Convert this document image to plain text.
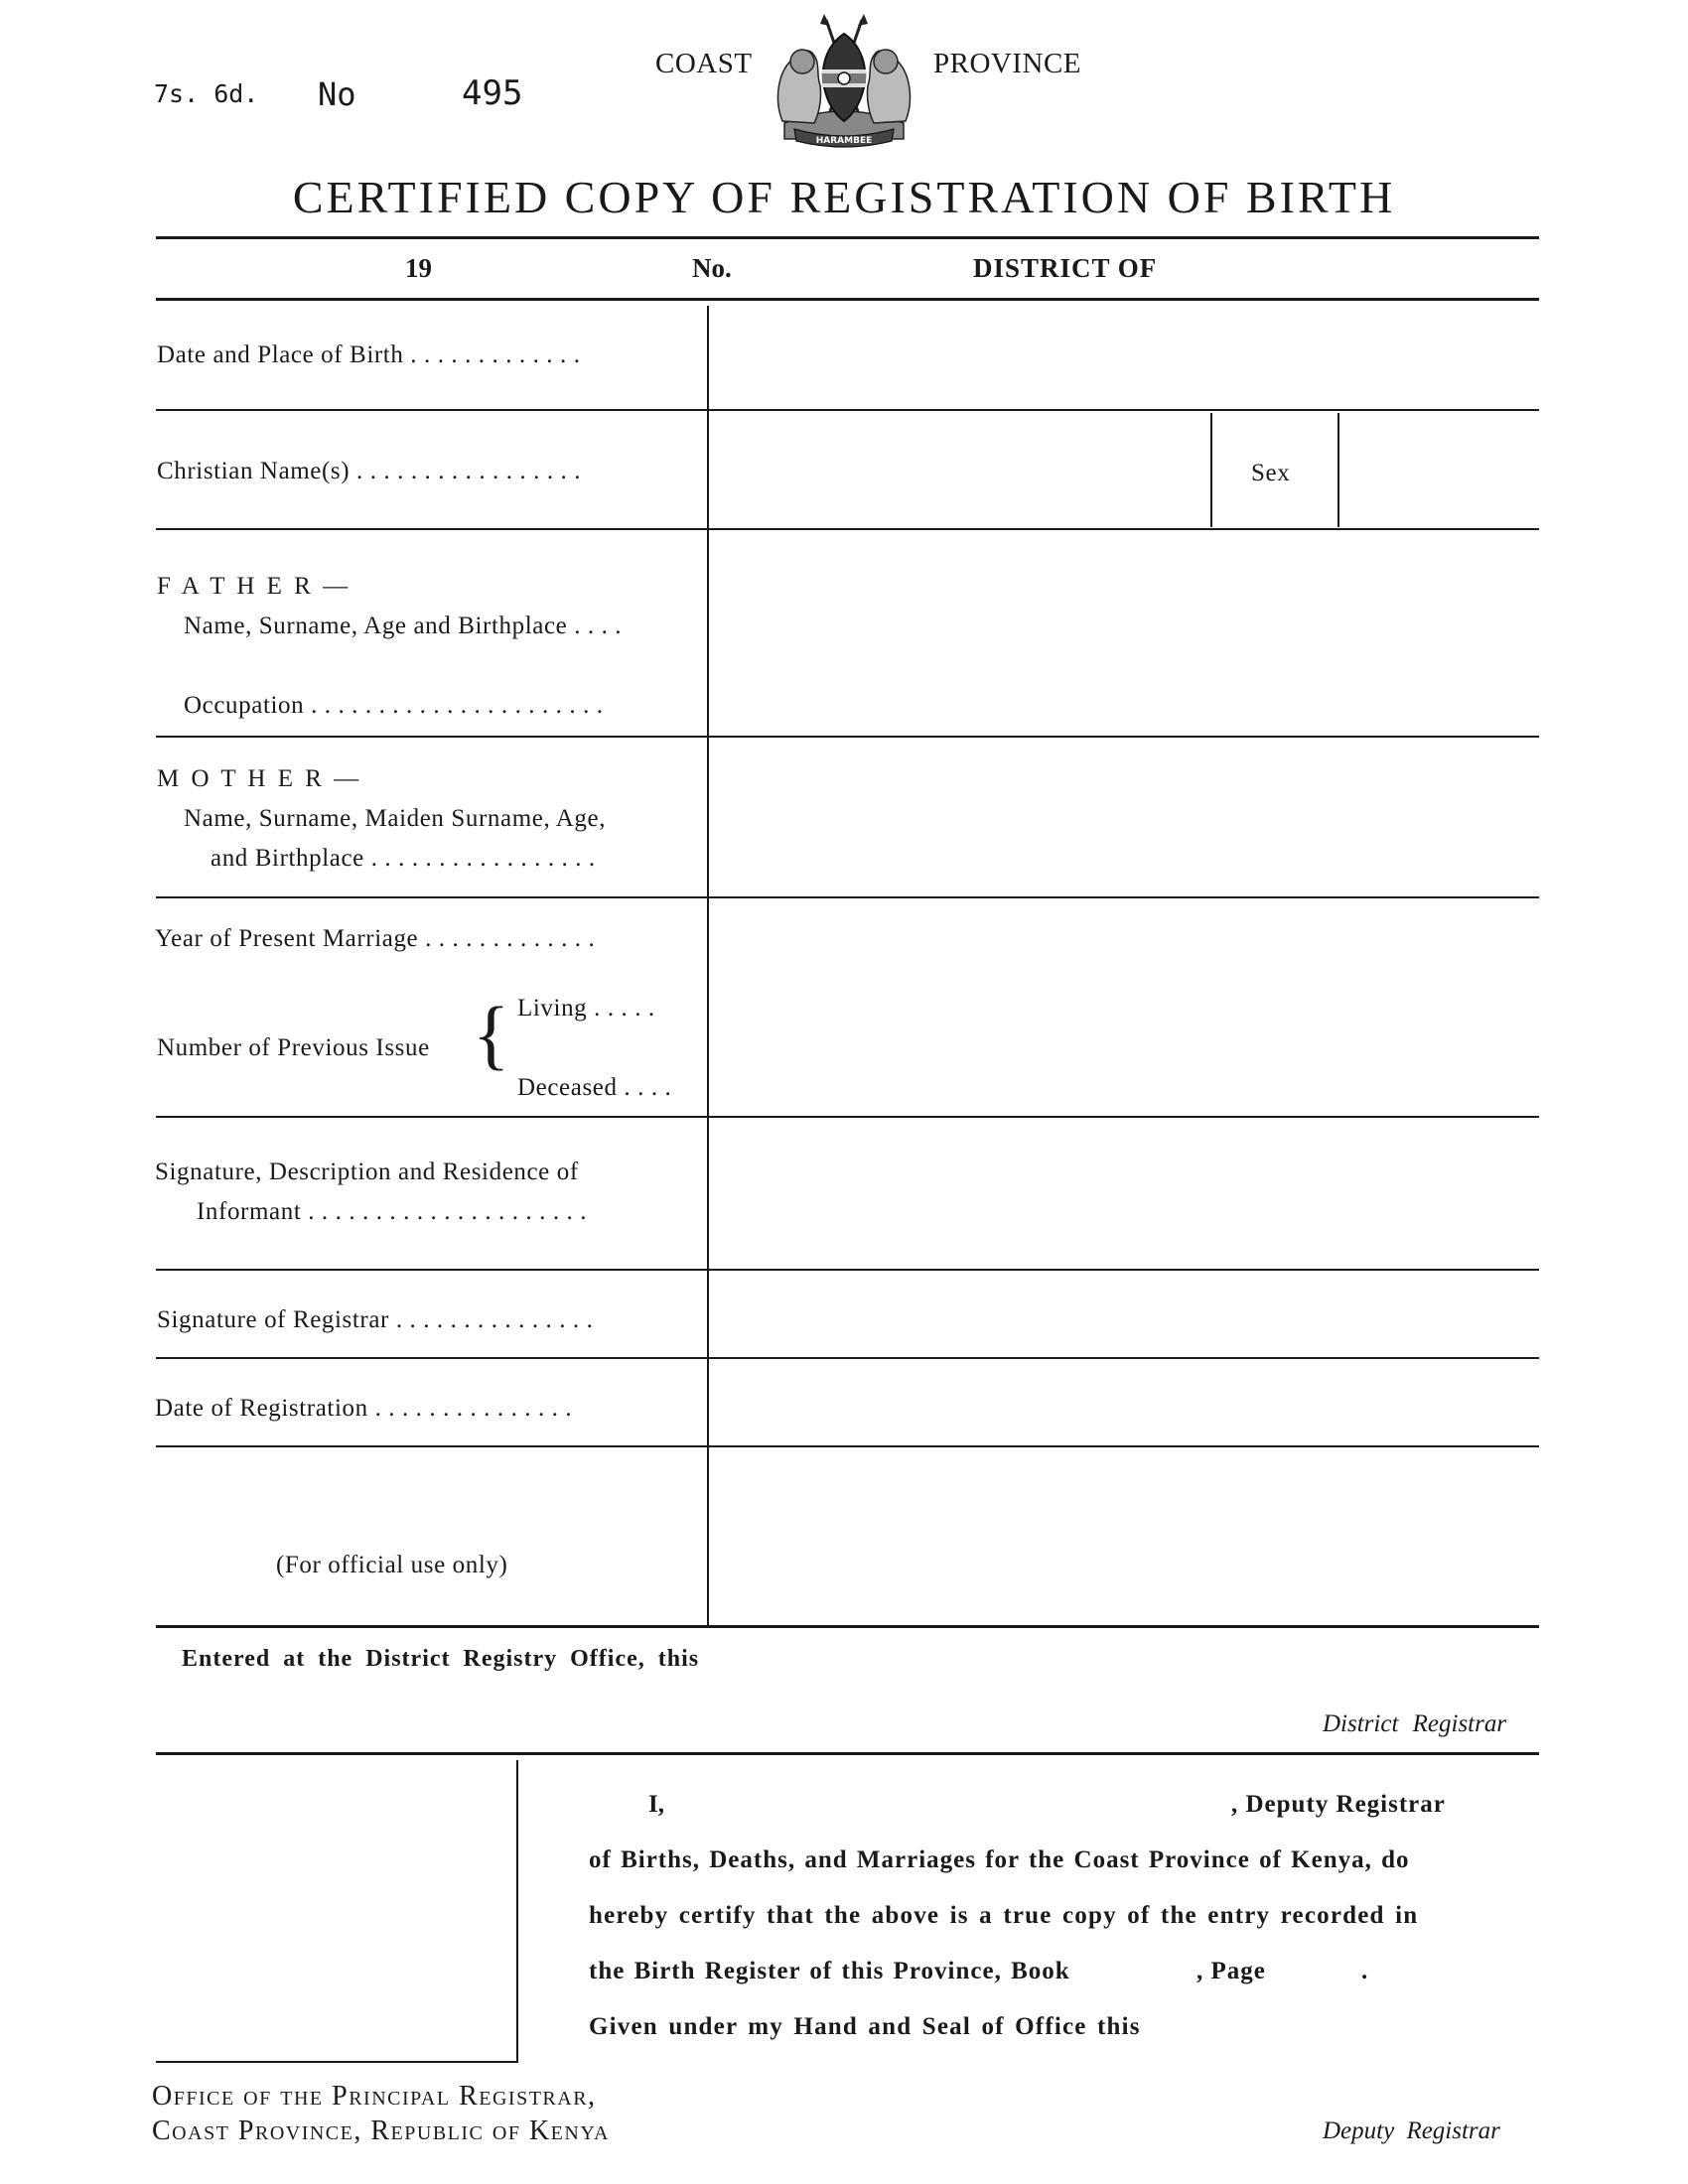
7s. 6d. No	495
COAST	PROVINCE
HARAMBEE
CERTIFIED COPY OF REGISTRATION OF BIRTH
19	No.	DISTRICT OF
Date and Place of Birth . . . . . . . . . . . . .
Christian Name(s) . . . . . . . . . . . . . . . . .	Sex
F A T H E R —
Name, Surname, Age and Birthplace . . . .
Occupation . . . . . . . . . . . . . . . . . . . . . .
M O T H E R —
Name, Surname, Maiden Surname, Age,
and Birthplace . . . . . . . . . . . . . . . . .
Year of Present Marriage . . . . . . . . . . . . .
Number of Previous Issue { Living . . . . .
Deceased . . . .
Signature, Description and Residence of
Informant . . . . . . . . . . . . . . . . . . . . .
Signature of Registrar . . . . . . . . . . . . . . .
Date of Registration . . . . . . . . . . . . . . .
(For official use only)
Entered at the District Registry Office, this
District Registrar
I,	, Deputy Registrar
of Births, Deaths, and Marriages for the Coast Province of Kenya, do
hereby certify that the above is a true copy of the entry recorded in
the Birth Register of this Province, Book	, Page	.
Given under my Hand and Seal of Office this
Office of the Principal Registrar,
Coast Province, Republic of Kenya	Deputy Registrar
